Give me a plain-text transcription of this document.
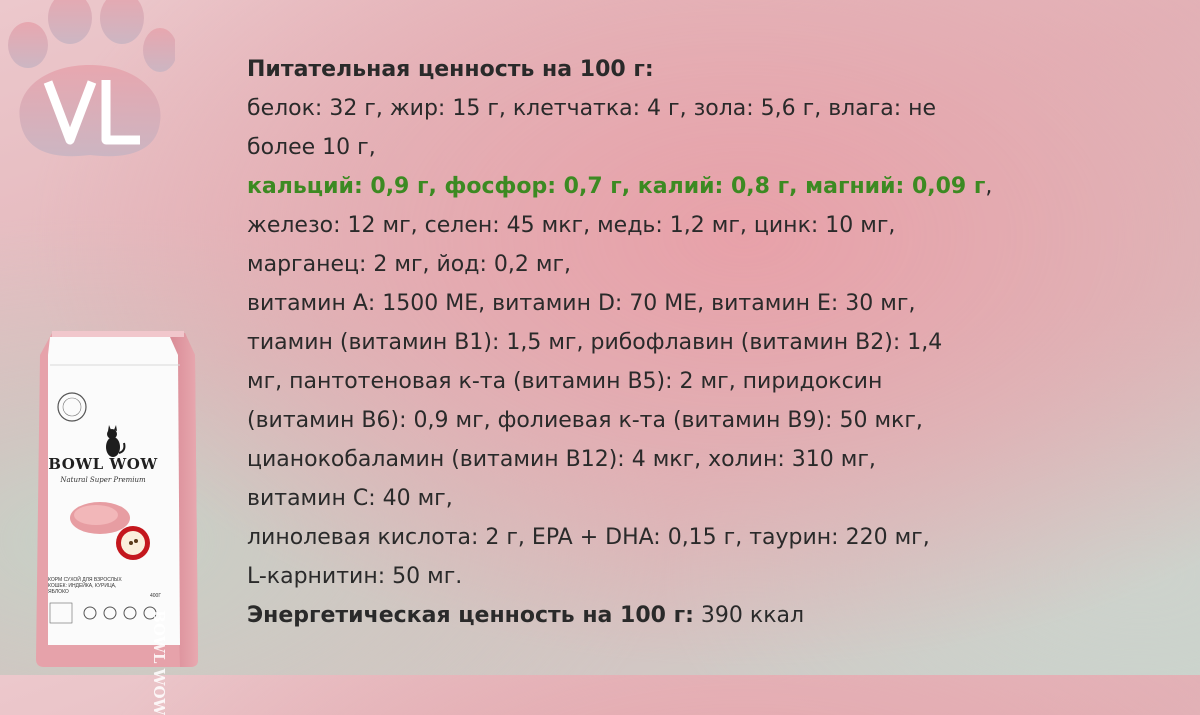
BOWL WOW
Natural Super Premium
КОРМ СУХОЙ ДЛЯ ВЗРОСЛЫХ КОШЕК: ИНДЕЙКА, КУРИЦА, ЯБЛОКО
400Г
BOWL WOW
Питательная ценность на 100 г:
белок: 32 г, жир: 15 г, клетчатка: 4 г, зола: 5,6 г, влага: не
более 10 г,
кальций: 0,9 г, фосфор: 0,7 г, калий: 0,8 г, магний: 0,09 г,
железо: 12 мг, селен: 45 мкг, медь: 1,2 мг, цинк: 10 мг,
марганец: 2 мг, йод: 0,2 мг,
витамин А: 1500 МЕ, витамин D: 70 МЕ, витамин Е: 30 мг,
тиамин (витамин В1): 1,5 мг, рибофлавин (витамин В2): 1,4
мг, пантотеновая к-та (витамин В5): 2 мг, пиридоксин
(витамин В6): 0,9 мг, фолиевая к-та (витамин В9): 50 мкг,
цианокобаламин (витамин В12): 4 мкг, холин: 310 мг,
витамин С: 40 мг,
линолевая кислота: 2 г, EPA + DHA: 0,15 г, таурин: 220 мг,
L-карнитин: 50 мг.
Энергетическая ценность на 100 г: 390 ккал
